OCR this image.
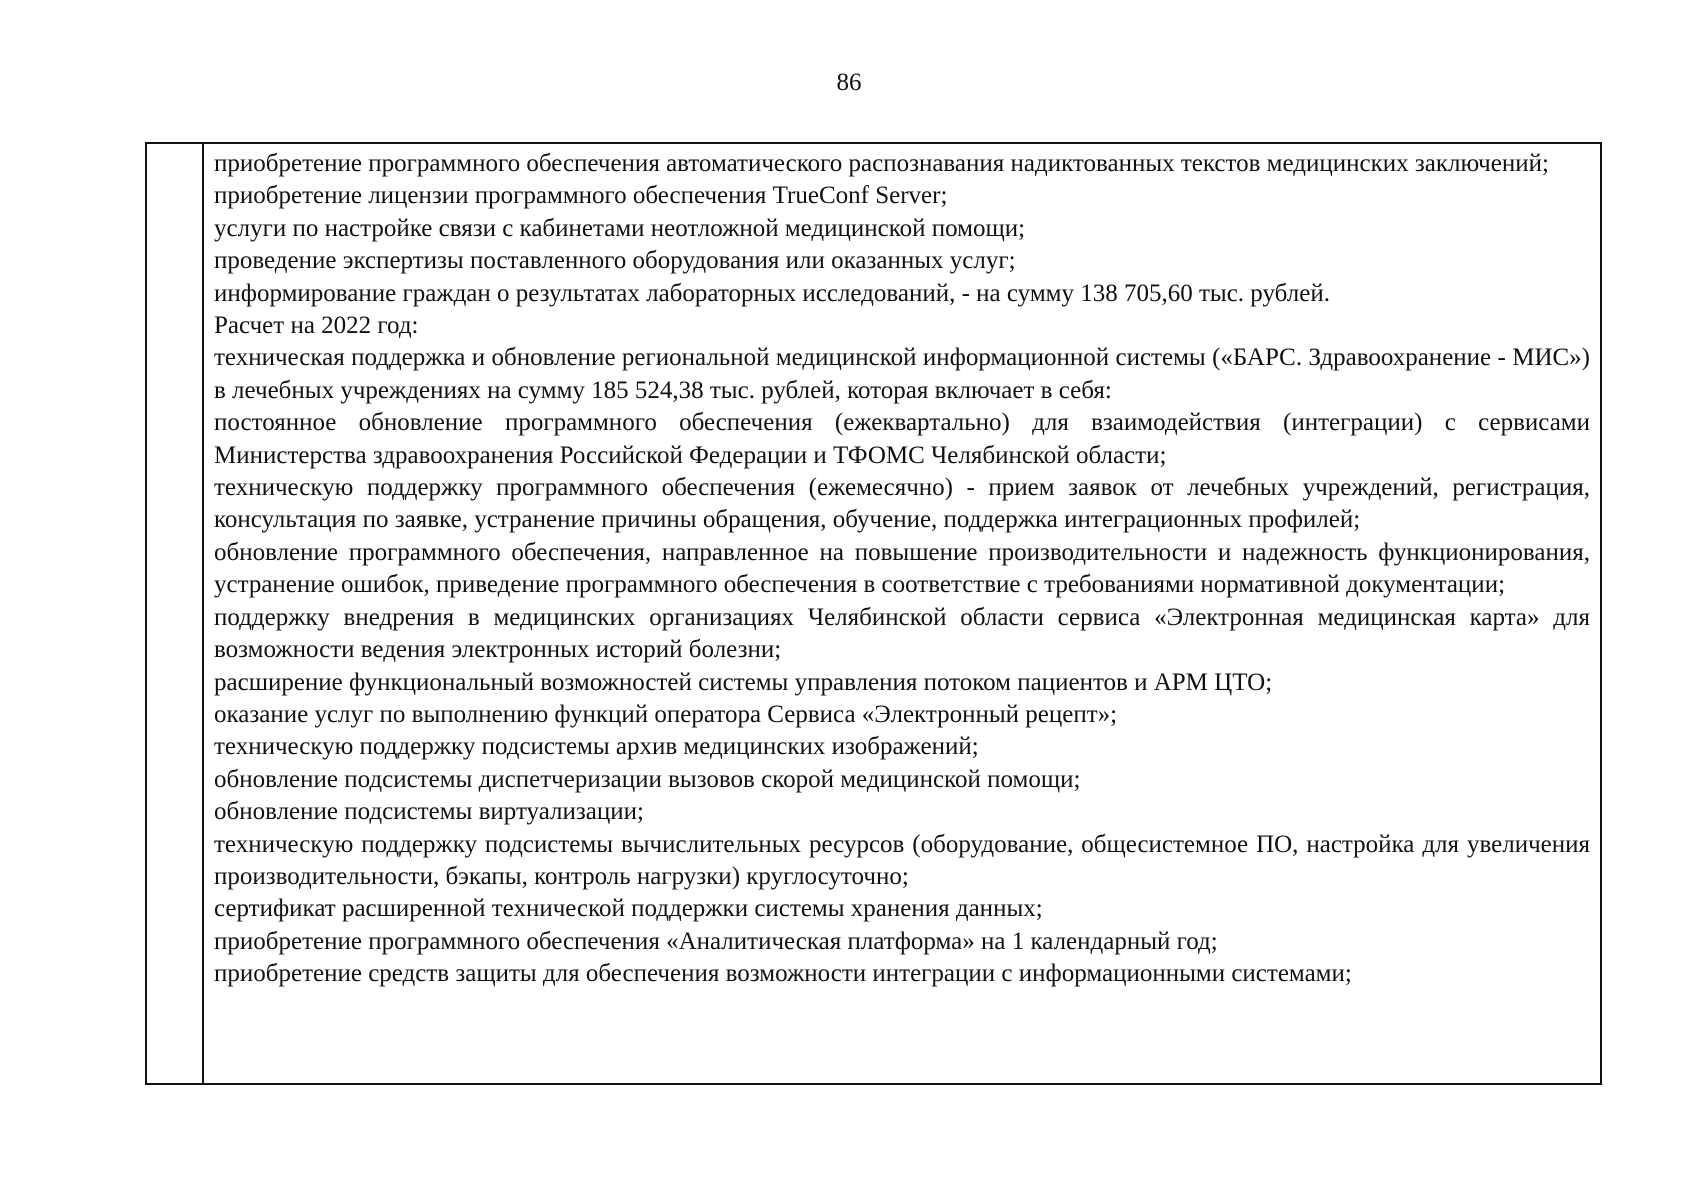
86

приобретение программного обеспечения автоматического распознавания надиктованных текстов медицинских заключений;

приобретение лицензии программного обеспечения TrueConf Server;

услуги по настройке связи с кабинетами неотложной медицинской помощи;

проведение экспертизы поставленного оборудования или оказанных услуг;

информирование граждан о результатах лабораторных исследований, - на сумму 138 705,60 тыс. рублей.

Расчет на 2022 год:

техническая поддержка и обновление региональной медицинской информационной системы («БАРС. Здравоохранение - МИС») в лечебных учреждениях на сумму 185 524,38 тыс. рублей, которая включает в себя:

постоянное обновление программного обеспечения (ежеквартально) для взаимодействия (интеграции) с сервисами Министерства здравоохранения Российской Федерации и ТФОМС Челябинской области;

техническую поддержку программного обеспечения (ежемесячно) - прием заявок от лечебных учреждений, регистрация, консультация по заявке, устранение причины обращения, обучение, поддержка интеграционных профилей;

обновление программного обеспечения, направленное на повышение производительности и надежность функционирования, устранение ошибок, приведение программного обеспечения в соответствие с требованиями нормативной документации;

поддержку внедрения в медицинских организациях Челябинской области сервиса «Электронная медицинская карта» для возможности ведения электронных историй болезни;

расширение функциональный возможностей системы управления потоком пациентов и АРМ ЦТО;

оказание услуг по выполнению функций оператора Сервиса «Электронный рецепт»;

техническую поддержку подсистемы архив медицинских изображений;

обновление подсистемы диспетчеризации вызовов скорой медицинской помощи;

обновление подсистемы виртуализации;

техническую поддержку подсистемы вычислительных ресурсов (оборудование, общесистемное ПО, настройка для увеличения производительности, бэкапы, контроль нагрузки) круглосуточно;

сертификат расширенной технической поддержки системы хранения данных;

приобретение программного обеспечения «Аналитическая платформа» на 1 календарный год;

приобретение средств защиты для обеспечения возможности интеграции с информационными системами;
